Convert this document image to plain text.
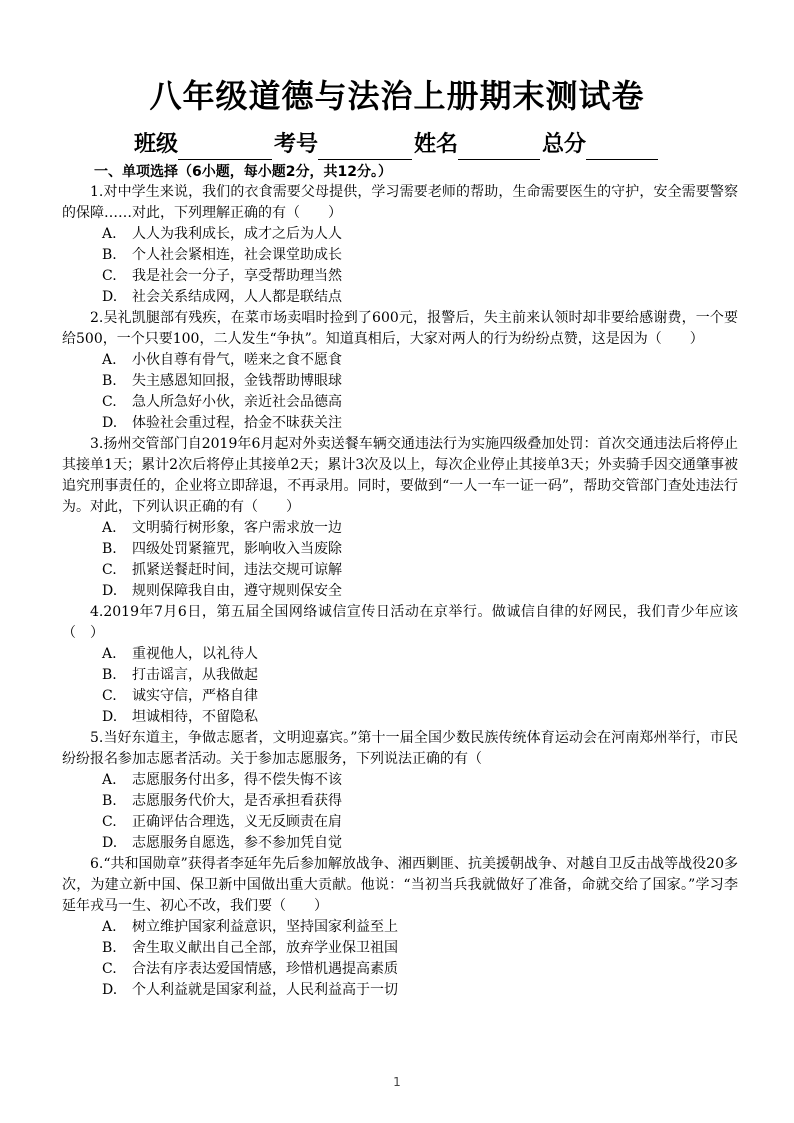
八年级道德与法治上册期末测试卷
班级	考号	姓名	总分
一、单项选择（6小题，每小题2分，共12分。）

1.对中学生来说，我们的衣食需要父母提供，学习需要老师的帮助，生命需要医生的守护，安全需要警察的保障……对此，下列理解正确的有（　　）

A. 人人为我利成长，成才之后为人人

B. 个人社会紧相连，社会课堂助成长

C. 我是社会一分子，享受帮助理当然

D. 社会关系结成网，人人都是联结点

2.吴礼凯腿部有残疾，在菜市场卖唱时捡到了600元，报警后，失主前来认领时却非要给感谢费，一个要给500，一个只要100，二人发生“争执”。知道真相后，大家对两人的行为纷纷点赞，这是因为（　　）

A. 小伙自尊有骨气，嗟来之食不愿食

B. 失主感恩知回报，金钱帮助博眼球

C. 急人所急好小伙，亲近社会品德高

D. 体验社会重过程，拾金不昧获关注

3.扬州交管部门自2019年6月起对外卖送餐车辆交通违法行为实施四级叠加处罚：首次交通违法后将停止其接单1天；累计2次后将停止其接单2天；累计3次及以上，每次企业停止其接单3天；外卖骑手因交通肇事被追究刑事责任的，企业将立即辞退，不再录用。同时，要做到“一人一车一证一码”，帮助交管部门查处违法行为。对此，下列认识正确的有（　　）

A. 文明骑行树形象，客户需求放一边

B. 四级处罚紧箍咒，影响收入当废除

C. 抓紧送餐赶时间，违法交规可谅解

D. 规则保障我自由，遵守规则保安全

4.2019年7月6日，第五届全国网络诚信宣传日活动在京举行。做诚信自律的好网民，我们青少年应该（　）

A. 重视他人，以礼待人

B. 打击谣言，从我做起

C. 诚实守信，严格自律

D. 坦诚相待，不留隐私

5.当好东道主，争做志愿者，文明迎嘉宾。”第十一届全国少数民族传统体育运动会在河南郑州举行，市民纷纷报名参加志愿者活动。关于参加志愿服务，下列说法正确的有（

A. 志愿服务付出多，得不偿失悔不该

B. 志愿服务代价大，是否承担看获得

C. 正确评估合理选，义无反顾责在肩

D. 志愿服务自愿选，参不参加凭自觉

6.“共和国勋章”获得者李延年先后参加解放战争、湘西剿匪、抗美援朝战争、对越自卫反击战等战役20多次，为建立新中国、保卫新中国做出重大贡献。他说：“当初当兵我就做好了准备，命就交给了国家。”学习李延年戎马一生、初心不改，我们要（　　）

A. 树立维护国家利益意识，坚持国家利益至上

B. 舍生取义献出自己全部，放弃学业保卫祖国

C. 合法有序表达爱国情感，珍惜机遇提高素质

D. 个人利益就是国家利益，人民利益高于一切

1
